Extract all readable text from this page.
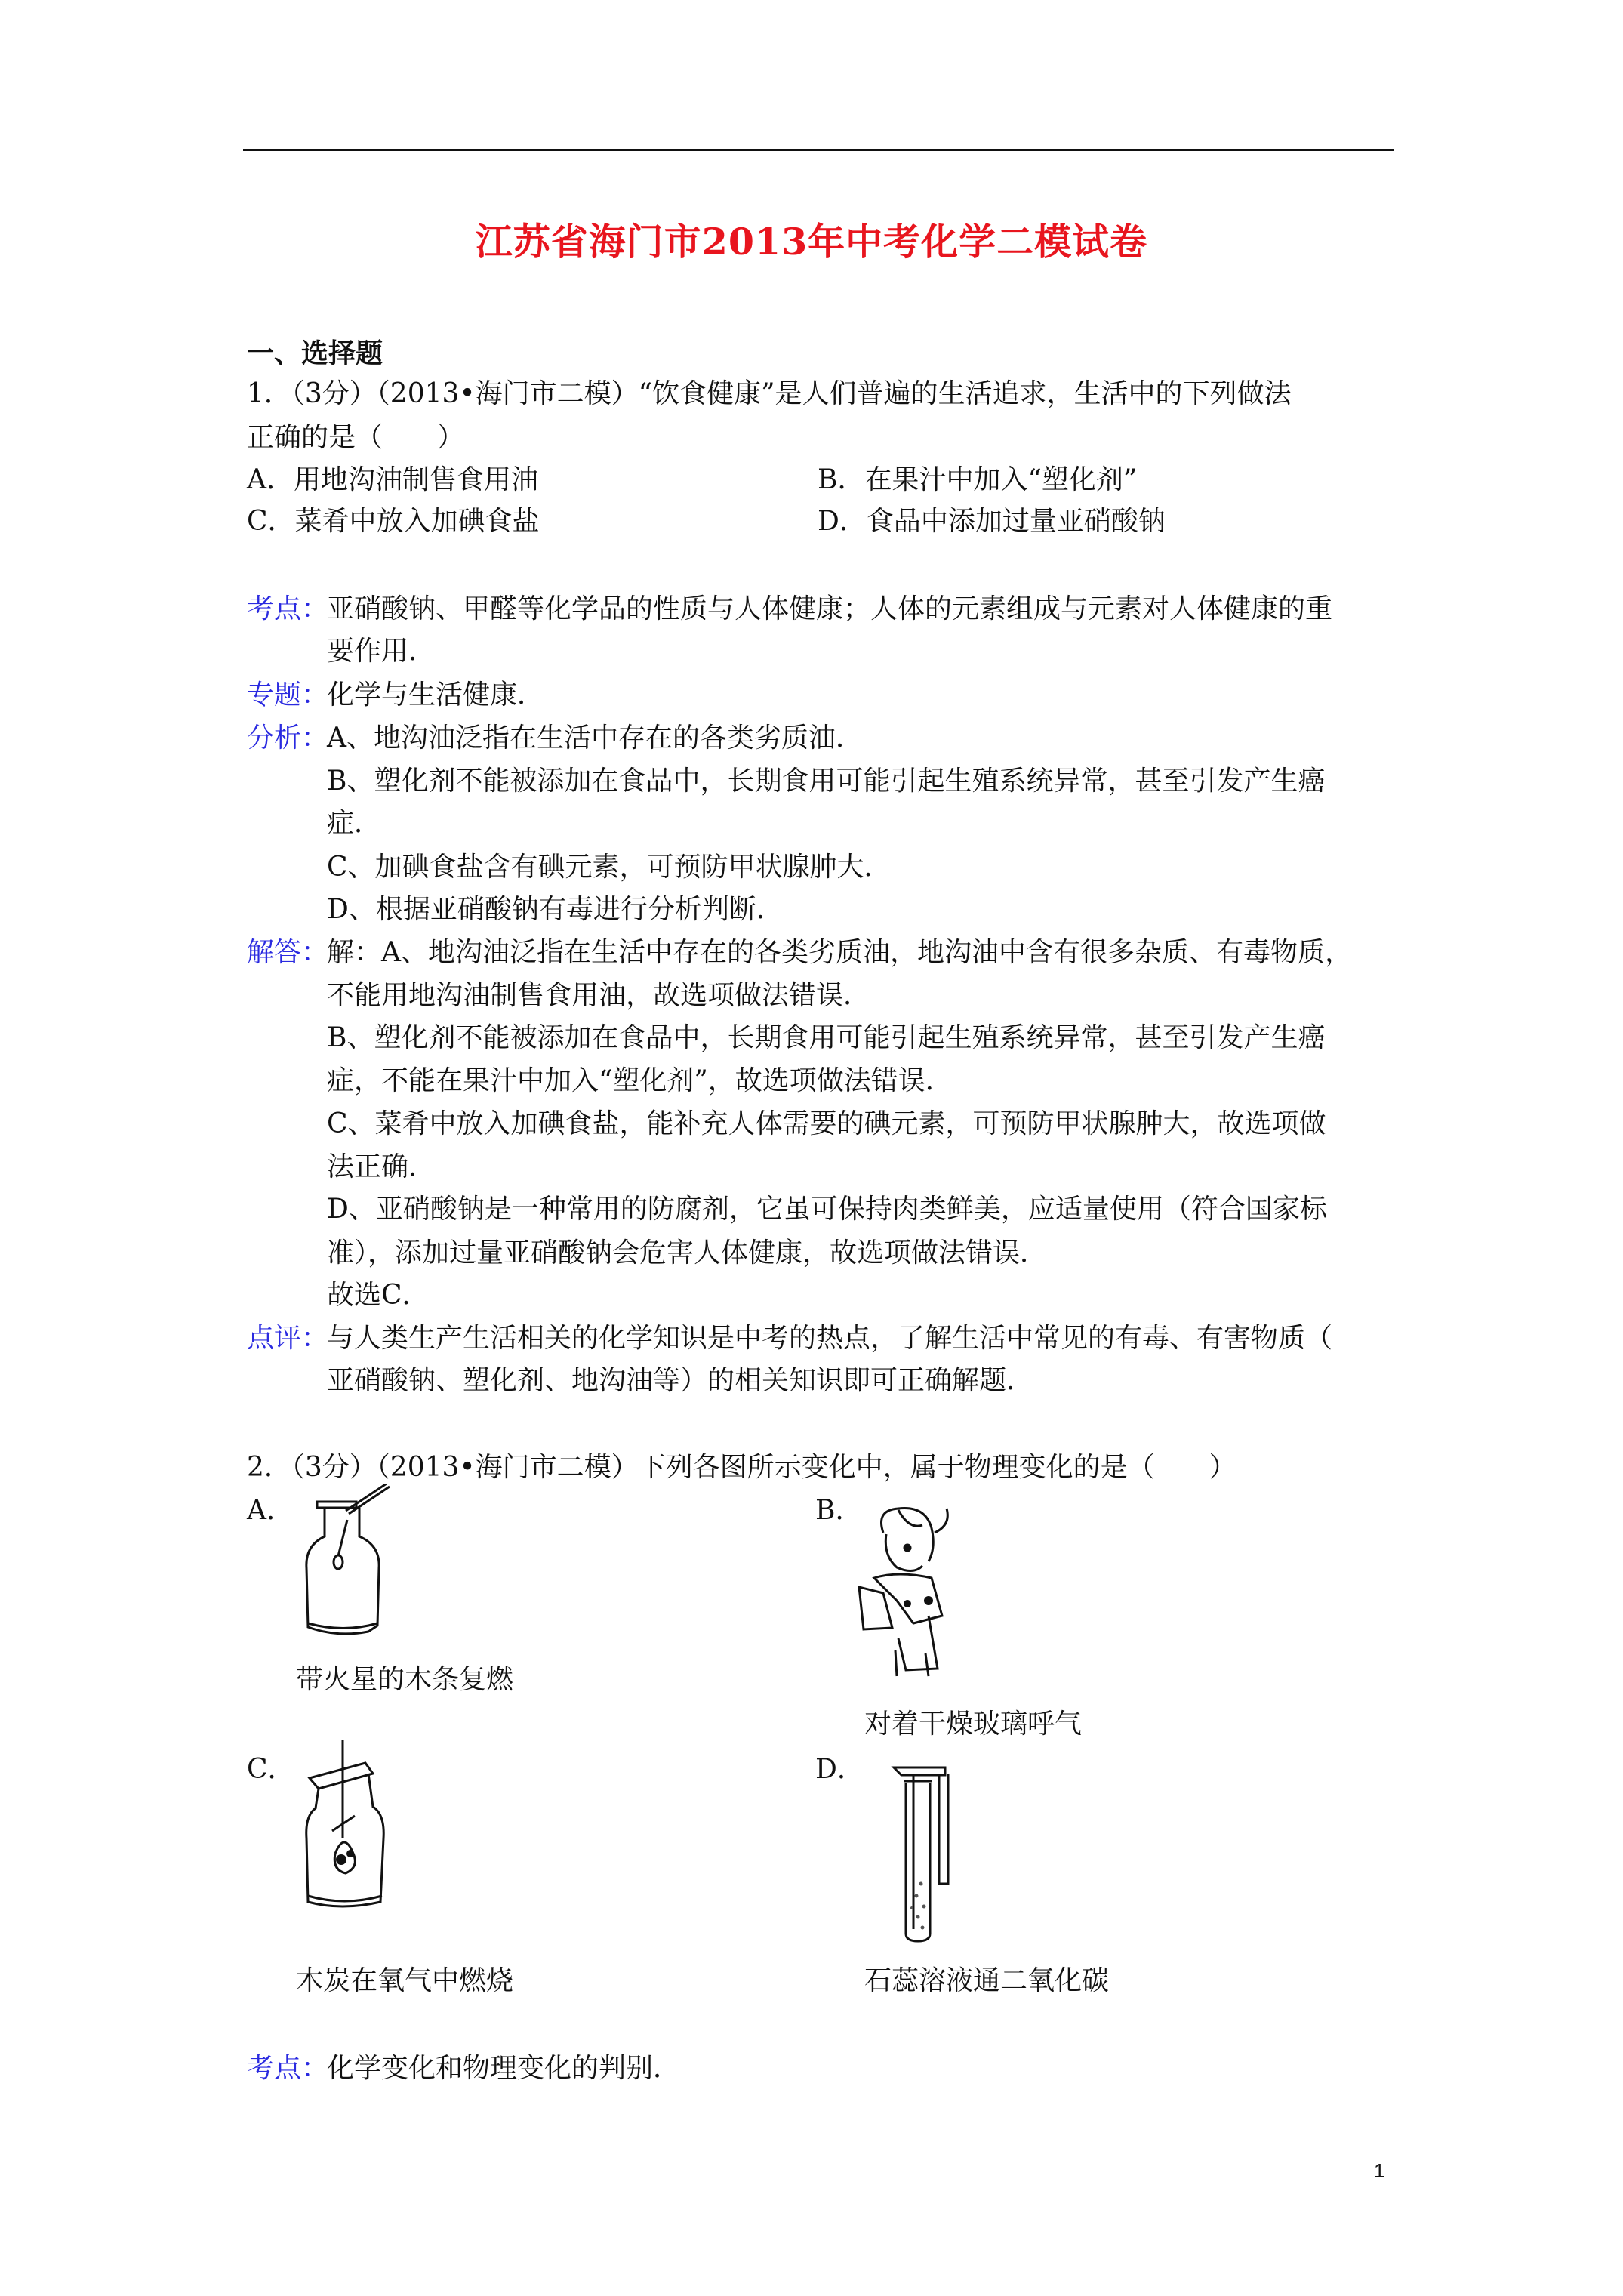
江苏省海门市2013年中考化学二模试卷
一、选择题
1．（3分）（2013•海门市二模）“饮食健康”是人们普遍的生活追求，生活中的下列做法
正确的是（　　）
A．用地沟油制售食用油	B．在果汁中加入“塑化剂”
C．菜肴中放入加碘食盐	D．食品中添加过量亚硝酸钠
考点：
亚硝酸钠、甲醛等化学品的性质与人体健康；人体的元素组成与元素对人体健康的重
要作用．
专题：
化学与生活健康．
分析：
A、地沟油泛指在生活中存在的各类劣质油．
B、塑化剂不能被添加在食品中，长期食用可能引起生殖系统异常，甚至引发产生癌
症．
C、加碘食盐含有碘元素，可预防甲状腺肿大．
D、根据亚硝酸钠有毒进行分析判断．
解答：
解：A、地沟油泛指在生活中存在的各类劣质油，地沟油中含有很多杂质、有毒物质，
不能用地沟油制售食用油，故选项做法错误．
B、塑化剂不能被添加在食品中，长期食用可能引起生殖系统异常，甚至引发产生癌
症，不能在果汁中加入“塑化剂”，故选项做法错误．
C、菜肴中放入加碘食盐，能补充人体需要的碘元素，可预防甲状腺肿大，故选项做
法正确．
D、亚硝酸钠是一种常用的防腐剂，它虽可保持肉类鲜美，应适量使用（符合国家标
准），添加过量亚硝酸钠会危害人体健康，故选项做法错误．
故选C．
点评：
与人类生产生活相关的化学知识是中考的热点，了解生活中常见的有毒、有害物质（
亚硝酸钠、塑化剂、地沟油等）的相关知识即可正确解题．
2．（3分）（2013•海门市二模）下列各图所示变化中，属于物理变化的是（　　）
A．
带火星的木条复燃
B．
对着干燥玻璃呼气
C．
木炭在氧气中燃烧
D．
石蕊溶液通二氧化碳
考点：
化学变化和物理变化的判别．
1
